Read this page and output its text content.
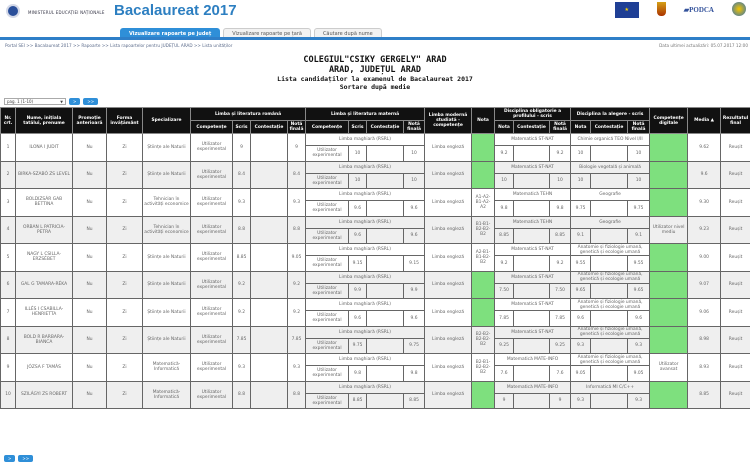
MINISTERUL EDUCAȚIEI NAȚIONALE Bacalaureat 2017	★	▰PODCA
Vizualizare rapoarte pe județ	Vizualizare rapoarte pe țară	Căutare după nume
Portal SEI >> Bacalaureat 2017 >> Rapoarte >> Lista rapoartelor pentru JUDEȚUL ARAD >> Lista unităților	Data ultimei actualizări: 05.07.2017 12:00
COLEGIUL"CSIKY GERGELY" ARAD
ARAD, JUDEȚUL ARAD
Lista candidaților la examenul de Bacalaureat 2017
Sortare după medie
pag. 1 (1-10) ▼	>	>>
Nr. crt.	Nume, inițiala tatălui, prenume	Promoție anterioară	Forma învățământ	Specializare	Limba și literatura română				Limba și literatura maternă				Limba modernă studiată - competențe	Nota	Disciplina obligatorie a profilului - scris			Disciplina la alegere - scris			Competențe digitale	Media ▲	Rezultatul final
					Competențe	Scris	Contestație	Notă finală	Competențe	Scris	Contestație	Notă finală			Nota	Contestație	Notă finală	Nota	Contestație	Notă finală			
1	ILONA I JUDIT	Nu	Zi	Științe ale Naturii	Utilizator experimental	9		9	Limba maghiară (RSRL)				Limba engleză		Matematică ST-NAT			Chimie organică TEO Nivel I/II				9.62	Reușit
									Utilizator experimental	10		10			9.2		9.2	10		10			
2	BIRKA-SZABÓ ZS LEVEL	Nu	Zi	Științe ale Naturii	Utilizator experimental	8.4		8.4	Limba maghiară (RSRL)				Limba engleză		Matematică ST-NAT			Biologie vegetală și animală				9.6	Reușit
									Utilizator experimental	10		10			10		10	10		10			
3	BOLDIZSÁR GAB BETTINA	Nu	Zi	Tehnician în activități economice	Utilizator experimental	9.3		9.3	Limba maghiară (RSRL)				Limba engleză	A1-A2-B1-A2-A2	Matematică TEHN			Geografie				9.30	Reușit
									Utilizator experimental	9.6		9.6			9.8		9.8	9.75		9.75			
4	ORBAN L PATRICIA-PETRA	Nu	Zi	Tehnician în activități economice	Utilizator experimental	8.8		8.8	Limba maghiară (RSRL)				Limba engleză	B1-B1-B2-B2-B2	Matematică TEHN			Geografie			Utilizator nivel mediu	9.23	Reușit
									Utilizator experimental	9.6		9.6			8.85		8.85	9.1		9.1			
5	NAGY L CSILLA-ERZSÉBET	Nu	Zi	Științe ale Naturii	Utilizator experimental	8.85		9.05	Limba maghiară (RSRL)				Limba engleză	A2-B1-B1-B2-B2	Matematică ST-NAT			Anatomie și fiziologie umană, genetică și ecologie umană				9.00	Reușit
									Utilizator experimental	9.15		9.15			9.2		9.2	9.55		9.55			
6	GAL G TAMARA-RÉKA	Nu	Zi	Științe ale Naturii	Utilizator experimental	9.2		9.2	Limba maghiară (RSRL)				Limba engleză		Matematică ST-NAT			Anatomie și fiziologie umană, genetică și ecologie umană				9.07	Reușit
									Utilizator experimental	9.9		9.9			7.50		7.50	9.65		9.65			
7	ILLÉS I CSABILLA-HENRIETTA	Nu	Zi	Științe ale Naturii	Utilizator experimental	9.2		9.2	Limba maghiară (RSRL)				Limba engleză		Matematică ST-NAT			Anatomie și fiziologie umană, genetică și ecologie umană				9.06	Reușit
									Utilizator experimental	9.6		9.6			7.85		7.85	9.6		9.6			
8	BOLD R BARBARA-BIANCA	Nu	Zi	Științe ale Naturii	Utilizator experimental	7.85		7.85	Limba maghiară (RSRL)				Limba engleză	B2-B2-B2-B2-B2	Matematică ST-NAT			Anatomie și fiziologie umană, genetică și ecologie umană				8.98	Reușit
									Utilizator experimental	9.75		9.75			9.25		9.25	9.3		9.3			
9	JÓZSA F TAMÁS	Nu	Zi	Matematică-Informatică	Utilizator experimental	9.3		9.3	Limba maghiară (RSRL)				Limba engleză	B2-B1-B2-B2-B2	Matematică MATE-INFO			Anatomie și fiziologie umană, genetică și ecologie umană			Utilizator avansat	8.93	Reușit
									Utilizator experimental	9.8		9.8			7.6		7.6	9.05		9.05			
10	SZILÁGYI ZS ROBERT	Nu	Zi	Matematică-Informatică	Utilizator experimental	8.8		8.8	Limba maghiară (RSRL)				Limba engleză		Matematică MATE-INFO			Informatică MI C/C++				8.85	Reușit
									Utilizator experimental	8.85		8.85			9		9	9.3		9.3			
>	>>
